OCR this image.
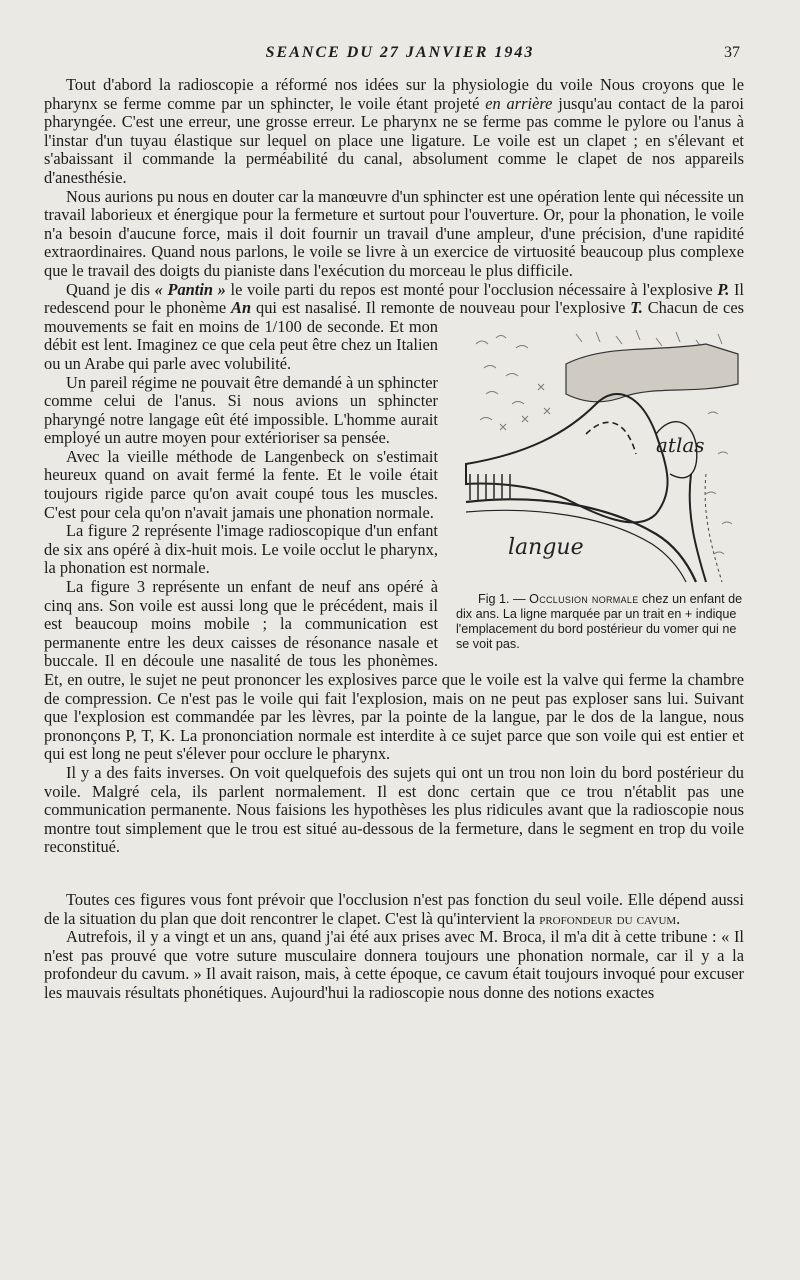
SEANCE DU 27 JANVIER 1943	37

Tout d'abord la radioscopie a réformé nos idées sur la physiologie du voile Nous croyons que le pharynx se ferme comme par un sphincter, le voile étant projeté en arrière jusqu'au contact de la paroi pharyngée. C'est une erreur, une grosse erreur. Le pharynx ne se ferme pas comme le pylore ou l'anus à l'instar d'un tuyau élastique sur lequel on place une ligature. Le voile est un clapet ; en s'élevant et s'abaissant il commande la perméabilité du canal, absolument comme le clapet de nos appareils d'anesthésie.

Nous aurions pu nous en douter car la manœuvre d'un sphincter est une opération lente qui nécessite un travail laborieux et énergique pour la fermeture et surtout pour l'ouverture. Or, pour la phonation, le voile n'a besoin d'aucune force, mais il doit fournir un travail d'une ampleur, d'une précision, d'une rapidité extraordinaires. Quand nous parlons, le voile se livre à un exercice de virtuosité beaucoup plus complexe que le travail des doigts du pianiste dans l'exécution du morceau le plus difficile.

Quand je dis « Pantin » le voile parti du repos est monté pour l'occlusion nécessaire à l'explosive P. Il redescend pour le phonème An qui est nasalisé. Il remonte de nouveau pour l'explosive T.
atlas
langue
Fig 1. — Occlusion normale chez un enfant de dix ans. La ligne marquée par un trait en + indique l'emplacement du bord postérieur du vomer qui ne se voit pas.
Chacun de ces mouvements se fait en moins de 1/100 de seconde. Et mon débit est lent. Imaginez ce que cela peut être chez un Italien ou un Arabe qui parle avec volubilité.

Un pareil régime ne pouvait être demandé à un sphincter comme celui de l'anus. Si nous avions un sphincter pharyngé notre langage eût été impossible. L'homme aurait employé un autre moyen pour extérioriser sa pensée.

Avec la vieille méthode de Langenbeck on s'estimait heureux quand on avait fermé la fente. Et le voile était toujours rigide parce qu'on avait coupé tous les muscles. C'est pour cela qu'on n'avait jamais une phonation normale.

La figure 2 représente l'image radioscopique d'un enfant de six ans opéré à dix-huit mois. Le voile occlut le pharynx, la phonation est normale.

La figure 3 représente un enfant de neuf ans opéré à cinq ans. Son voile est aussi long que le précédent, mais il est beaucoup moins mobile ; la communication est permanente entre les deux caisses de résonance nasale et buccale. Il en découle une nasalité de tous les phonèmes. Et, en outre, le sujet ne peut prononcer les explosives parce que le voile est la valve qui ferme la chambre de compression. Ce n'est pas le voile qui fait l'explosion, mais on ne peut pas exploser sans lui. Suivant que l'explosion est commandée par les lèvres, par la pointe de la langue, par le dos de la langue, nous prononçons P, T, K. La prononciation normale est interdite à ce sujet parce que son voile qui est entier et qui est long ne peut s'élever pour occlure le pharynx.

Il y a des faits inverses. On voit quelquefois des sujets qui ont un trou non loin du bord postérieur du voile. Malgré cela, ils parlent normalement. Il est donc certain que ce trou n'établit pas une communication permanente. Nous faisions les hypothèses les plus ridicules avant que la radioscopie nous montre tout simplement que le trou est situé au-dessous de la fermeture, dans le segment en trop du voile reconstitué.

Toutes ces figures vous font prévoir que l'occlusion n'est pas fonction du seul voile. Elle dépend aussi de la situation du plan que doit rencontrer le clapet. C'est là qu'intervient la profondeur du cavum.

Autrefois, il y a vingt et un ans, quand j'ai été aux prises avec M. Broca, il m'a dit à cette tribune : « Il n'est pas prouvé que votre suture musculaire donnera toujours une phonation normale, car il y a la profondeur du cavum. » Il avait raison, mais, à cette époque, ce cavum était toujours invoqué pour excuser les mauvais résultats phonétiques. Aujourd'hui la radioscopie nous donne des notions exactes
